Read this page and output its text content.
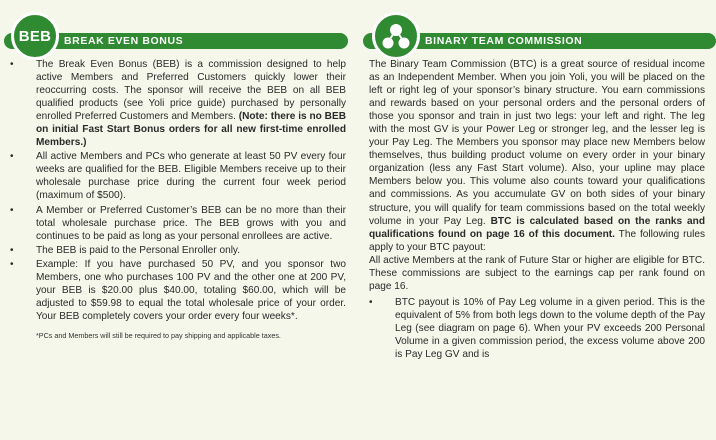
BREAK EVEN BONUS
BEB
• The Break Even Bonus (BEB) is a commission designed to help active Members and Preferred Customers quickly lower their reoccurring costs. The sponsor will receive the BEB on all BEB qualified products (see Yoli price guide) purchased by personally enrolled Preferred Customers and Members. (Note: there is no BEB on initial Fast Start Bonus orders for all new first-time enrolled Members.)
• All active Members and PCs who generate at least 50 PV every four weeks are qualified for the BEB. Eligible Members receive up to their wholesale purchase price during the current four week period (maximum of $500).
• A Member or Preferred Customer’s BEB can be no more than their total wholesale purchase price. The BEB grows with you and continues to be paid as long as your personal enrollees are active.
• The BEB is paid to the Personal Enroller only.
• Example: If you have purchased 50 PV, and you sponsor two Members, one who purchases 100 PV and the other one at 200 PV, your BEB is $20.00 plus $40.00, totaling $60.00, which will be adjusted to $59.98 to equal the total wholesale price of your order. Your BEB completely covers your order every four weeks*.
*PCs and Members will still be required to pay shipping and applicable taxes.
BINARY TEAM COMMISSION

The Binary Team Commission (BTC) is a great source of residual income as an Independent Member. When you join Yoli, you will be placed on the left or right leg of your sponsor’s binary structure. You earn commissions and rewards based on your personal orders and the personal orders of those you sponsor and train in just two legs: your left and right. The leg with the most GV is your Power Leg or stronger leg, and the lesser leg is your Pay Leg. The Members you sponsor may place new Members below themselves, thus building product volume on every order in your binary organization (less any Fast Start volume). Also, your upline may place Members below you. This volume also counts toward your qualifications and commissions. As you accumulate GV on both sides of your binary structure, you will qualify for team commissions based on the total weekly volume in your Pay Leg. BTC is calculated based on the ranks and qualifications found on page 16 of this document. The following rules apply to your BTC payout:

All active Members at the rank of Future Star or higher are eligible for BTC. These commissions are subject to the earnings cap per rank found on page 16.

• BTC payout is 10% of Pay Leg volume in a given period. This is the equivalent of 5% from both legs down to the volume depth of the Pay Leg (see diagram on page 6). When your PV exceeds 200 Personal Volume in a given commission period, the excess volume above 200 is Pay Leg GV and is
